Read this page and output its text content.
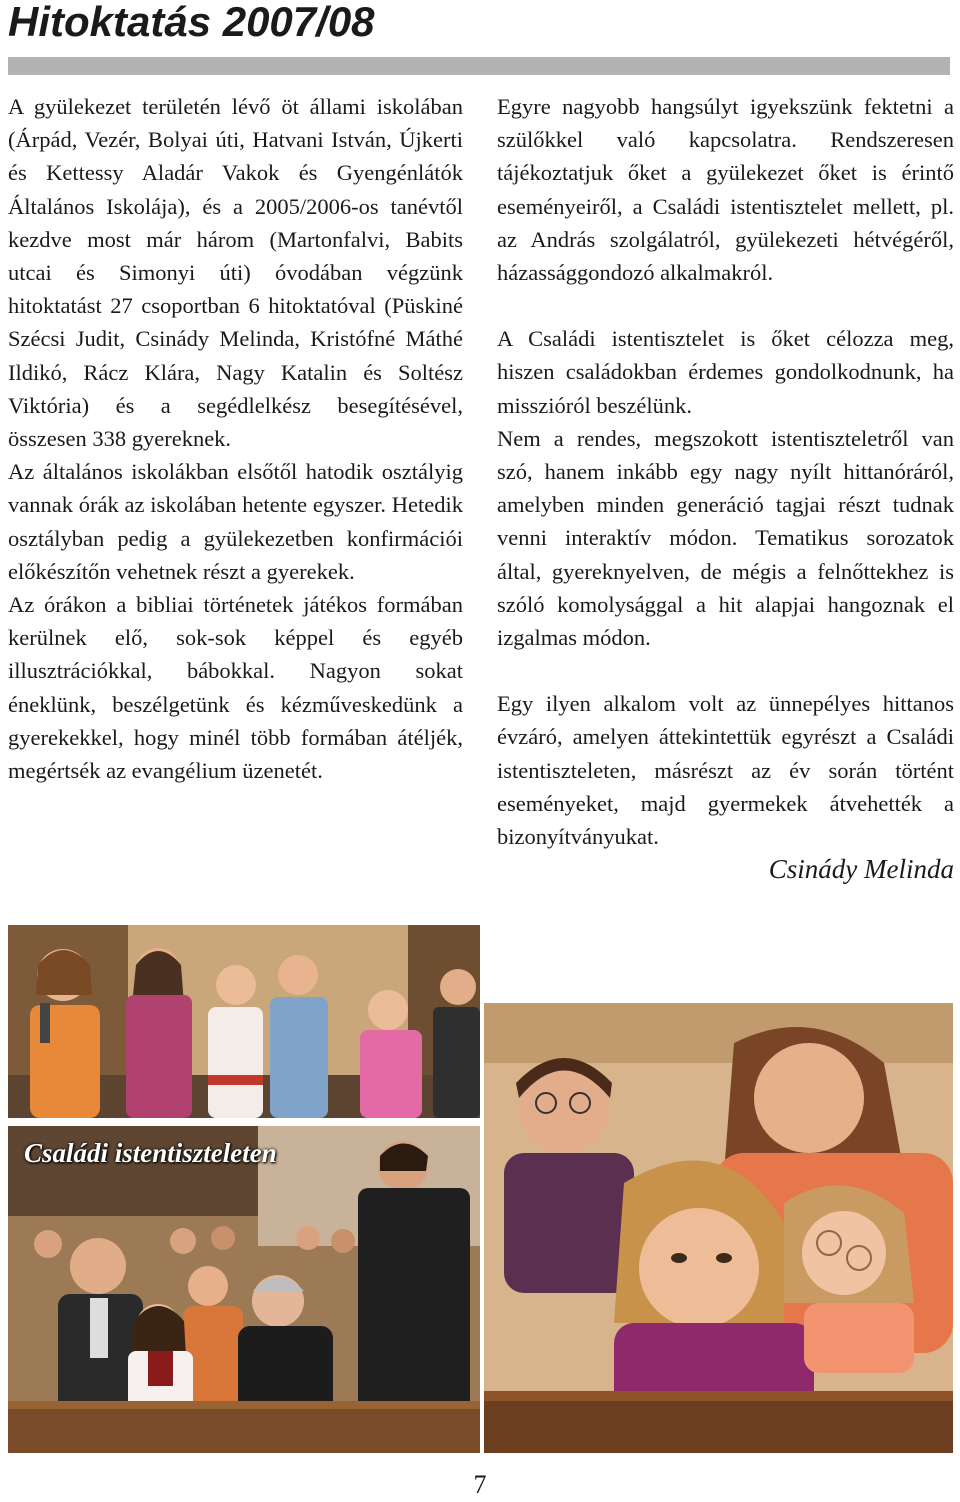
Hitoktatás 2007/08

A gyülekezet területén lévő öt állami iskolában (Árpád, Vezér, Bolyai úti, Hatvani István, Újkerti és Kettessy Aladár Vakok és Gyengénlátók Általános Iskolája), és a 2005/2006-os tanévtől kezdve most már három (Martonfalvi, Babits utcai és Simonyi úti) óvodában végzünk hitoktatást 27 csoportban 6 hitoktatóval (Püskiné Szécsi Judit, Csinády Melinda, Kristófné Máthé Ildikó, Rácz Klára, Nagy Katalin és Soltész Viktória) és a segédlelkész besegítésével, összesen 338 gyereknek.

Az általános iskolákban elsőtől hatodik osztályig vannak órák az iskolában hetente egyszer. Hetedik osztályban pedig a gyülekezetben konfirmációi előkészítőn vehetnek részt a gyerekek.

Az órákon a bibliai történetek játékos formában kerülnek elő, sok-sok képpel és egyéb illusztrációkkal, bábokkal. Nagyon sokat éneklünk, beszélgetünk és kézműveskedünk a gyerekekkel, hogy minél több formában átéljék, megértsék az evangélium üzenetét.

Egyre nagyobb hangsúlyt igyekszünk fektetni a szülőkkel való kapcsolatra. Rendszeresen tájékoztatjuk őket a gyülekezet őket is érintő eseményeiről, a Családi istentisztelet mellett, pl. az András szolgálatról, gyülekezeti hétvégéről, házassággondozó alkalmakról.

A Családi istentisztelet is őket célozza meg, hiszen családokban érdemes gondolkodnunk, ha misszióról beszélünk.

Nem a rendes, megszokott istentiszteletről van szó, hanem inkább egy nagy nyílt hittanóráról, amelyben minden generáció tagjai részt tudnak venni interaktív módon. Tematikus sorozatok által, gyereknyelven, de mégis a felnőttekhez is szóló komolysággal a hit alapjai hangoznak el izgalmas módon.

Egy ilyen alkalom volt az ünnepélyes hittanos évzáró, amelyen áttekintettük egyrészt a Családi istentiszteleten, másrészt az év során történt eseményeket, majd gyermekek átvehették a bizonyítványukat.

Csinády Melinda
Családi istentiszteleten
7
